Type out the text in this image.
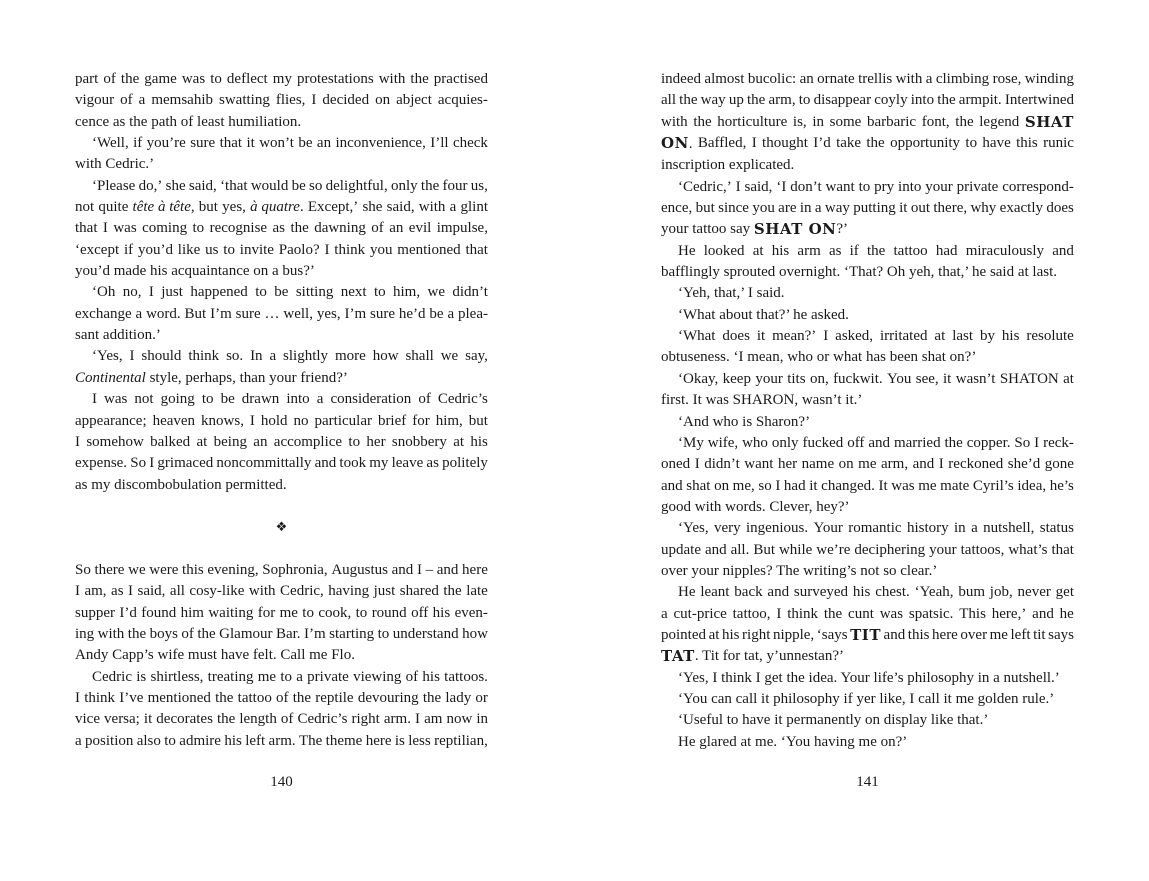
part of the game was to deflect my protestations with the practised
vigour of a memsahib swatting flies, I decided on abject acquies-
cence as the path of least humiliation.
‘Well, if you’re sure that it won’t be an inconvenience, I’ll check
with Cedric.’
‘Please do,’ she said, ‘that would be so delightful, only the four us,
not quite tête à tête, but yes, à quatre. Except,’ she said, with a glint
that I was coming to recognise as the dawning of an evil impulse,
‘except if you’d like us to invite Paolo? I think you mentioned that
you’d made his acquaintance on a bus?’
‘Oh no, I just happened to be sitting next to him, we didn’t
exchange a word. But I’m sure … well, yes, I’m sure he’d be a plea-
sant addition.’
‘Yes, I should think so. In a slightly more how shall we say,
Continental style, perhaps, than your friend?’
I was not going to be drawn into a consideration of Cedric’s
appearance; heaven knows, I hold no particular brief for him, but
I somehow balked at being an accomplice to her snobbery at his
expense. So I grimaced noncommittally and took my leave as politely
as my discombobulation permitted.
❖
So there we were this evening, Sophronia, Augustus and I – and here
I am, as I said, all cosy-like with Cedric, having just shared the late
supper I’d found him waiting for me to cook, to round off his even-
ing with the boys of the Glamour Bar. I’m starting to understand how
Andy Capp’s wife must have felt. Call me Flo.
Cedric is shirtless, treating me to a private viewing of his tattoos.
I think I’ve mentioned the tattoo of the reptile devouring the lady or
vice versa; it decorates the length of Cedric’s right arm. I am now in
a position also to admire his left arm. The theme here is less reptilian,
indeed almost bucolic: an ornate trellis with a climbing rose, winding
all the way up the arm, to disappear coyly into the armpit. Intertwined
with the horticulture is, in some barbaric font, the legend SHAT
ON. Baffled, I thought I’d take the opportunity to have this runic
inscription explicated.
‘Cedric,’ I said, ‘I don’t want to pry into your private correspond-
ence, but since you are in a way putting it out there, why exactly does
your tattoo say SHAT ON ?’
He looked at his arm as if the tattoo had miraculously and
bafflingly sprouted overnight. ‘That? Oh yeh, that,’ he said at last.
‘Yeh, that,’ I said.
‘What about that?’ he asked.
‘What does it mean?’ I asked, irritated at last by his resolute
obtuseness. ‘I mean, who or what has been shat on?’
‘Okay, keep your tits on, fuckwit. You see, it wasn’t SHATON at
first. It was SHARON, wasn’t it.’
‘And who is Sharon?’
‘My wife, who only fucked off and married the copper. So I reck-
oned I didn’t want her name on me arm, and I reckoned she’d gone
and shat on me, so I had it changed. It was me mate Cyril’s idea, he’s
good with words. Clever, hey?’
‘Yes, very ingenious. Your romantic history in a nutshell, status
update and all. But while we’re deciphering your tattoos, what’s that
over your nipples? The writing’s not so clear.’
He leant back and surveyed his chest. ‘Yeah, bum job, never get
a cut-price tattoo, I think the cunt was spatsic. This here,’ and he
pointed at his right nipple, ‘says TIT and this here over me left tit says
TAT . Tit for tat, y’unnestan?’
‘Yes, I think I get the idea. Your life’s philosophy in a nutshell.’
‘You can call it philosophy if yer like, I call it me golden rule.’
‘Useful to have it permanently on display like that.’
He glared at me. ‘You having me on?’
140	141
